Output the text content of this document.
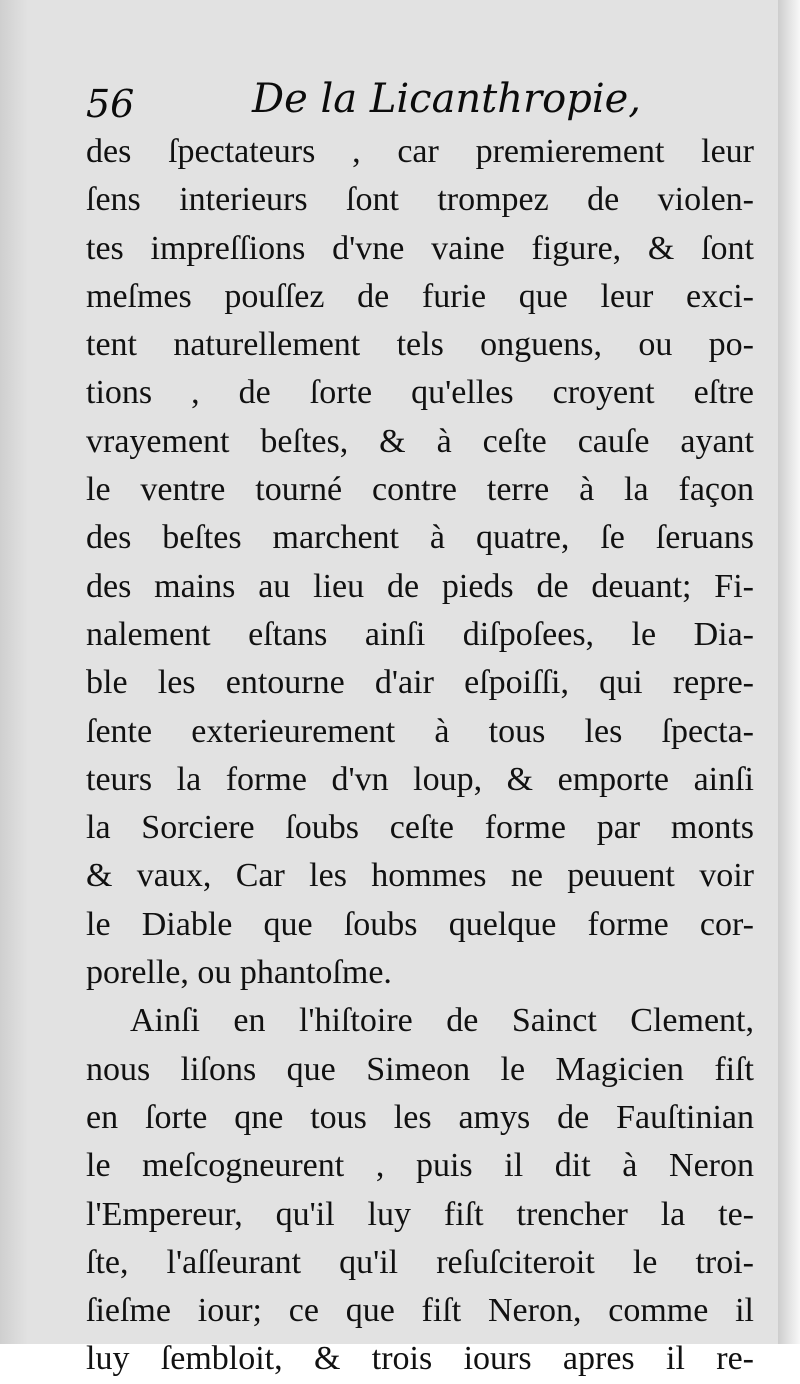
56	De la Licanthropie,
des ſpectateurs , car premierement leur
ſens interieurs ſont trompez de violen-
tes impreſſions d'vne vaine figure, & ſont
meſmes pouſſez de furie que leur exci-
tent naturellement tels onguens, ou po-
tions , de ſorte qu'elles croyent eſtre
vrayement beſtes, & à ceſte cauſe ayant
le ventre tourné contre terre à la façon
des beſtes marchent à quatre, ſe ſeruans
des mains au lieu de pieds de deuant; Fi-
nalement eſtans ainſi diſpoſees, le Dia-
ble les entourne d'air eſpoiſſi, qui repre-
ſente exterieurement à tous les ſpecta-
teurs la forme d'vn loup, & emporte ainſi
la Sorciere ſoubs ceſte forme par monts
& vaux, Car les hommes ne peuuent voir
le Diable que ſoubs quelque forme cor-
porelle, ou phantoſme.
Ainſi en l'hiſtoire de Sainct Clement,
nous liſons que Simeon le Magicien fiſt
en ſorte qne tous les amys de Fauſtinian
le meſcogneurent , puis il dit à Neron
l'Empereur, qu'il luy fiſt trencher la te-
ſte, l'aſſeurant qu'il reſuſciteroit le troi-
ſieſme iour; ce que fiſt Neron, comme il
luy ſembloit, & trois iours apres il re-
